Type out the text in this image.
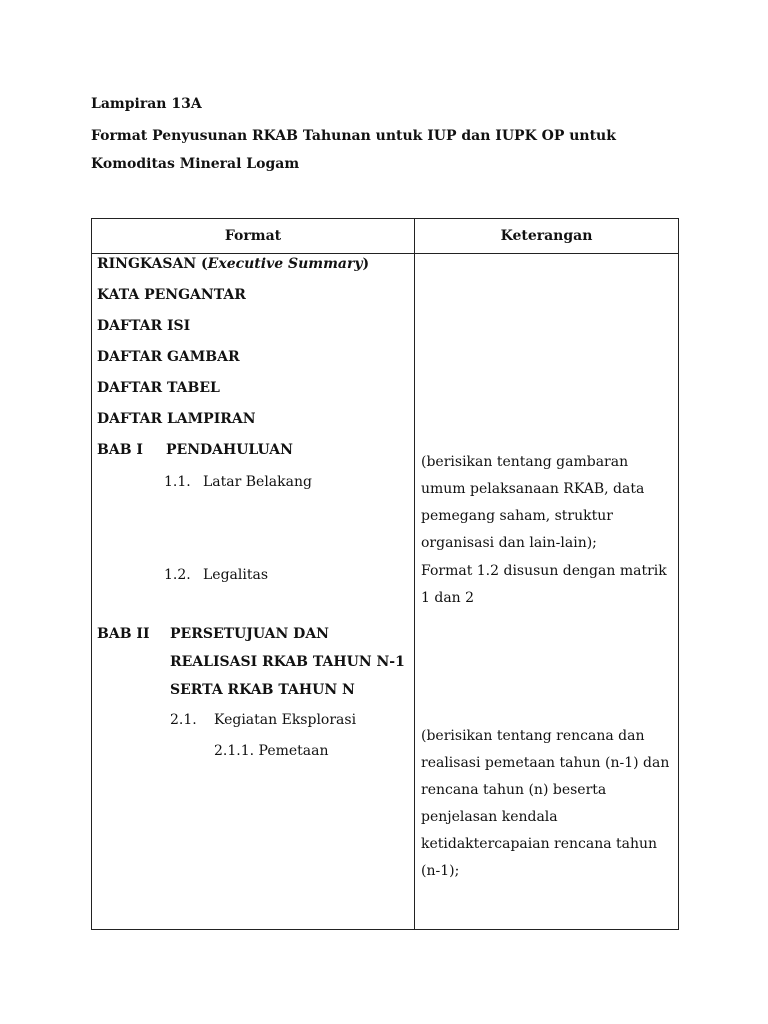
Lampiran 13A
Format Penyusunan RKAB Tahunan untuk IUP dan IUPK OP untuk
Komoditas Mineral Logam
Format	Keterangan
RINGKASAN (Executive Summary)
KATA PENGANTAR
DAFTAR ISI
DAFTAR GAMBAR
DAFTAR TABEL
DAFTAR LAMPIRAN
BAB I PENDAHULUAN
1.1. Latar Belakang
1.2. Legalitas
BAB II PERSETUJUAN DAN
REALISASI RKAB TAHUN N-1
SERTA RKAB TAHUN N
2.1. Kegiatan Eksplorasi
2.1.1. Pemetaan
(berisikan tentang gambaran umum pelaksanaan RKAB, data pemegang saham, struktur organisasi dan lain-lain);
Format 1.2 disusun dengan matrik 1 dan 2
(berisikan tentang rencana dan realisasi pemetaan tahun (n-1) dan rencana tahun (n) beserta penjelasan kendala ketidaktercapaian rencana tahun (n-1);
